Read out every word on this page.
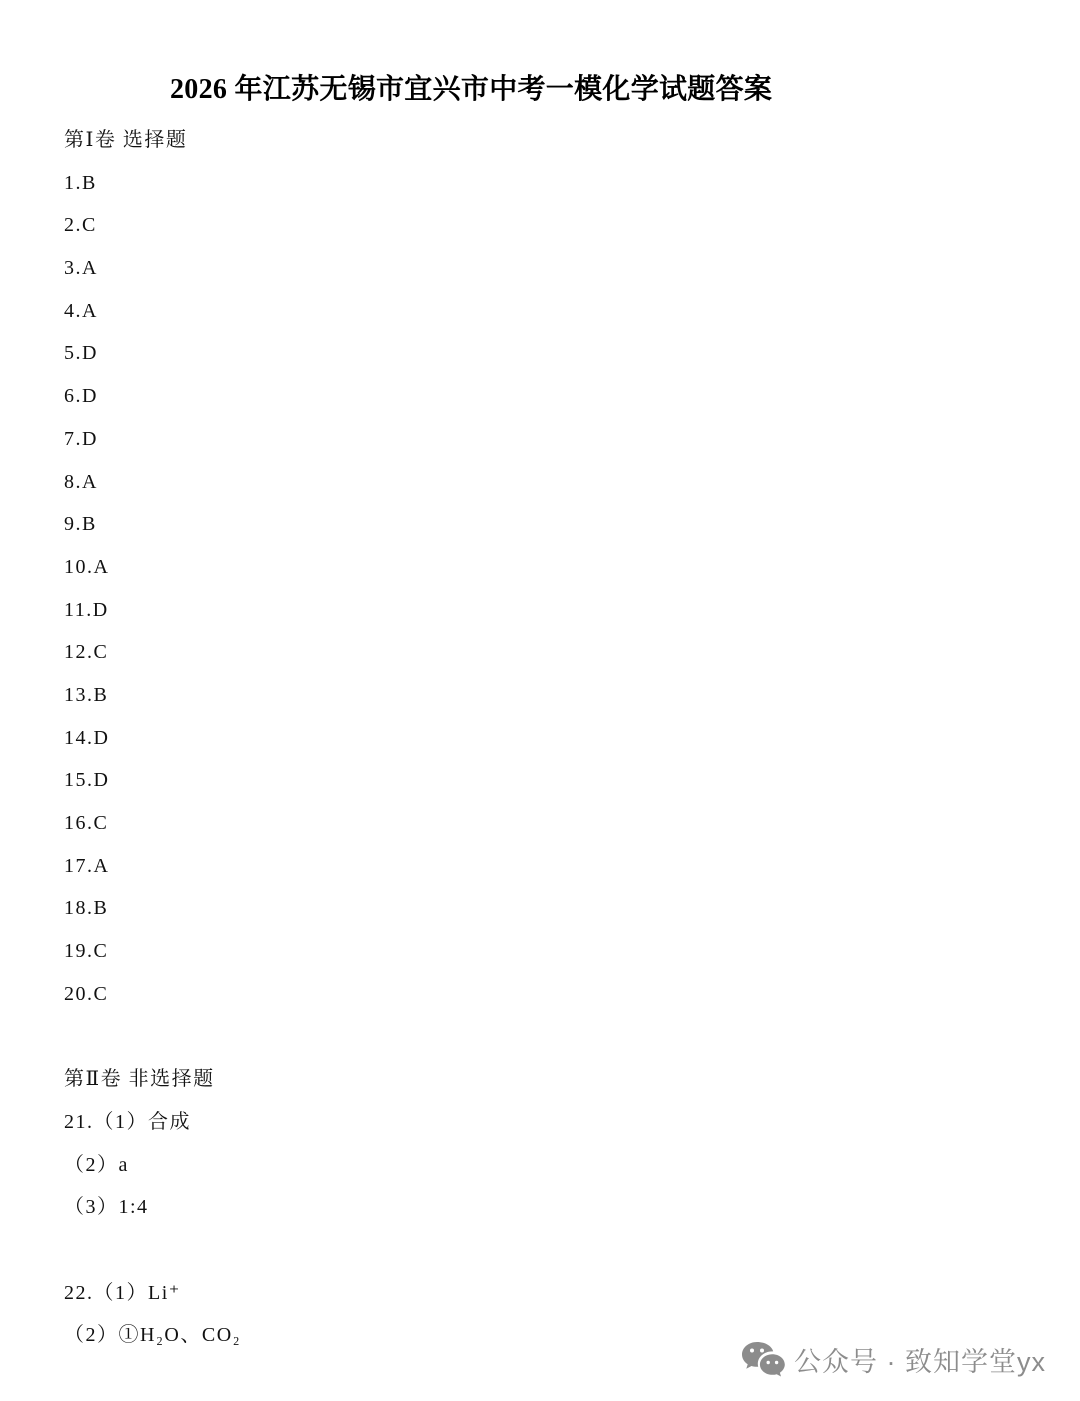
2026 年江苏无锡市宜兴市中考一模化学试题答案
第Ⅰ卷 选择题
1.B
2.C
3.A
4.A
5.D
6.D
7.D
8.A
9.B
10.A
11.D
12.C
13.B
14.D
15.D
16.C
17.A
18.B
19.C
20.C
第Ⅱ卷 非选择题
21.（1）合成
（2）a
（3）1:4
22.（1）Li⁺
（2）①H₂O、CO₂
公众号 · 致知学堂yx
